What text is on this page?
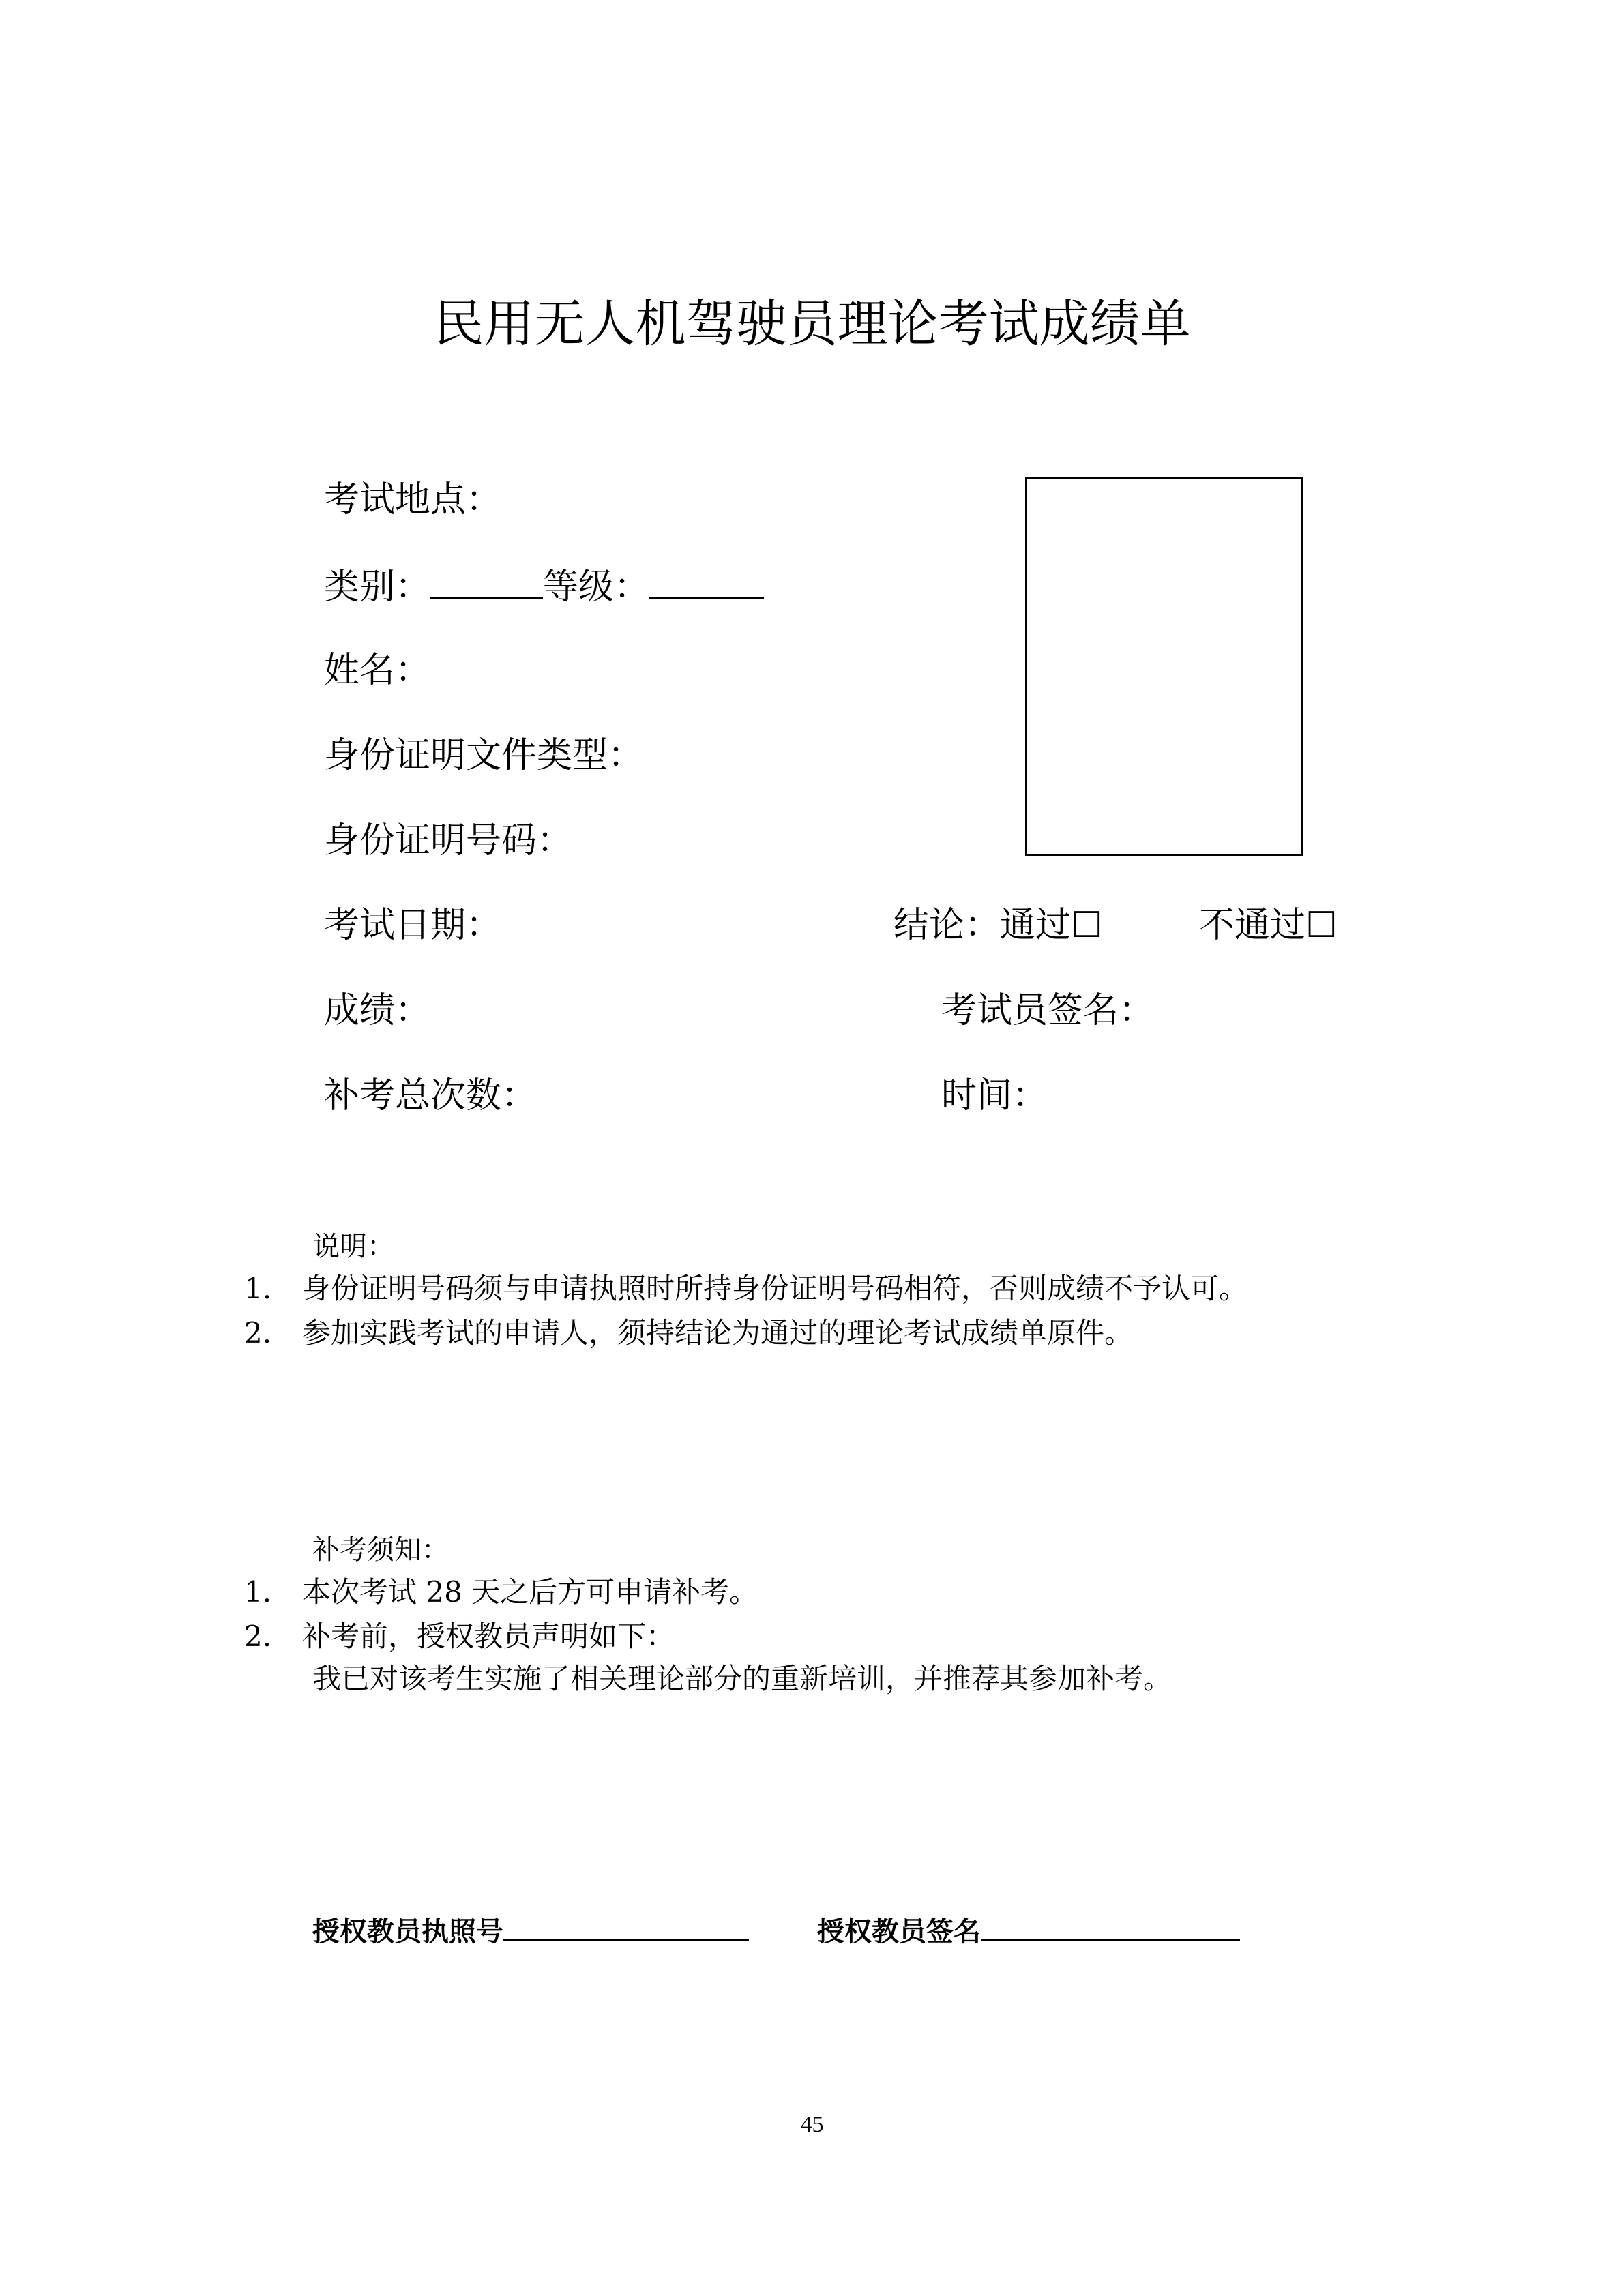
民用无人机驾驶员理论考试成绩单
考试地点：
类别：	等级：
姓名：
身份证明文件类型：
身份证明号码：
考试日期：	结论：通过☐	不通过☐
成绩：	考试员签名：
补考总次数：	时间：
说明：
1. 身份证明号码须与申请执照时所持身份证明号码相符，否则成绩不予认可。
2. 参加实践考试的申请人，须持结论为通过的理论考试成绩单原件。
补考须知：
1. 本次考试 28 天之后方可申请补考。
2. 补考前，授权教员声明如下：
我已对该考生实施了相关理论部分的重新培训，并推荐其参加补考。
授权教员执照号	授权教员签名
45
